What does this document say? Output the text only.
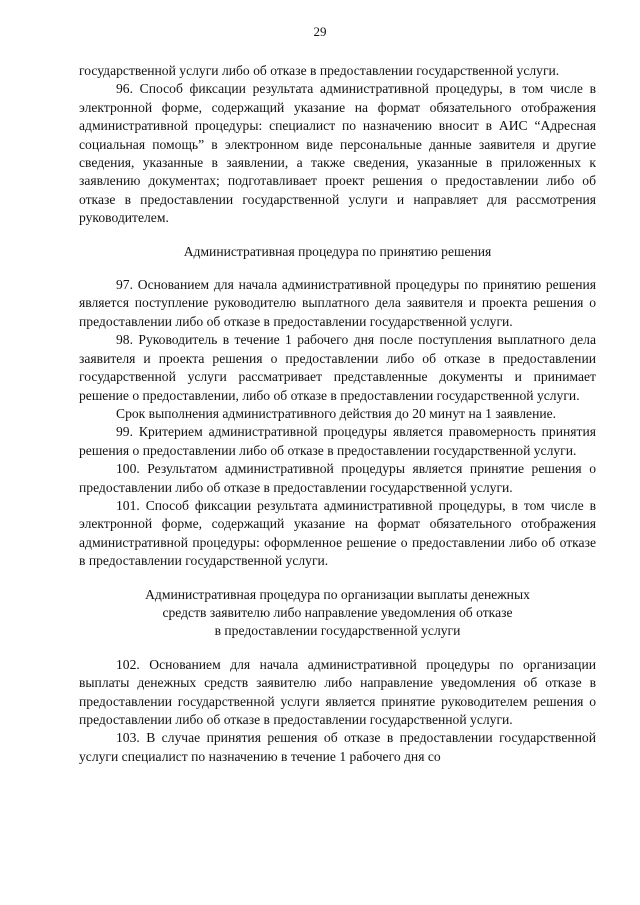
29

государственной услуги либо об отказе в предоставлении государственной услуги.

96. Способ фиксации результата административной процедуры, в том числе в электронной форме, содержащий указание на формат обязательного отображения административной процедуры: специалист по назначению вносит в АИС “Адресная социальная помощь” в электронном виде персональные данные заявителя и другие сведения, указанные в заявлении, а также сведения, указанные в приложенных к заявлению документах; подготавливает проект решения о предоставлении либо об отказе в предоставлении государственной услуги и направляет для рассмотрения руководителем.

Административная процедура по принятию решения

97. Основанием для начала административной процедуры по принятию решения является поступление руководителю выплатного дела заявителя и проекта решения о предоставлении либо об отказе в предоставлении государственной услуги.

98. Руководитель в течение 1 рабочего дня после поступления выплатного дела заявителя и проекта решения о предоставлении либо об отказе в предоставлении государственной услуги рассматривает представленные документы и принимает решение о предоставлении, либо об отказе в предоставлении государственной услуги.

Срок выполнения административного действия до 20 минут на 1 заявление.

99. Критерием административной процедуры является правомерность принятия решения о предоставлении либо об отказе в предоставлении государственной услуги.

100. Результатом административной процедуры является принятие решения о предоставлении либо об отказе в предоставлении государственной услуги.

101. Способ фиксации результата административной процедуры, в том числе в электронной форме, содержащий указание на формат обязательного отображения административной процедуры: оформленное решение о предоставлении либо об отказе в предоставлении государственной услуги.

Административная процедура по организации выплаты денежных
средств заявителю либо направление уведомления об отказе
в предоставлении государственной услуги

102. Основанием для начала административной процедуры по организации выплаты денежных средств заявителю либо направление уведомления об отказе в предоставлении государственной услуги является принятие руководителем решения о предоставлении либо об отказе в предоставлении государственной услуги.

103. В случае принятия решения об отказе в предоставлении государственной услуги специалист по назначению в течение 1 рабочего дня со
